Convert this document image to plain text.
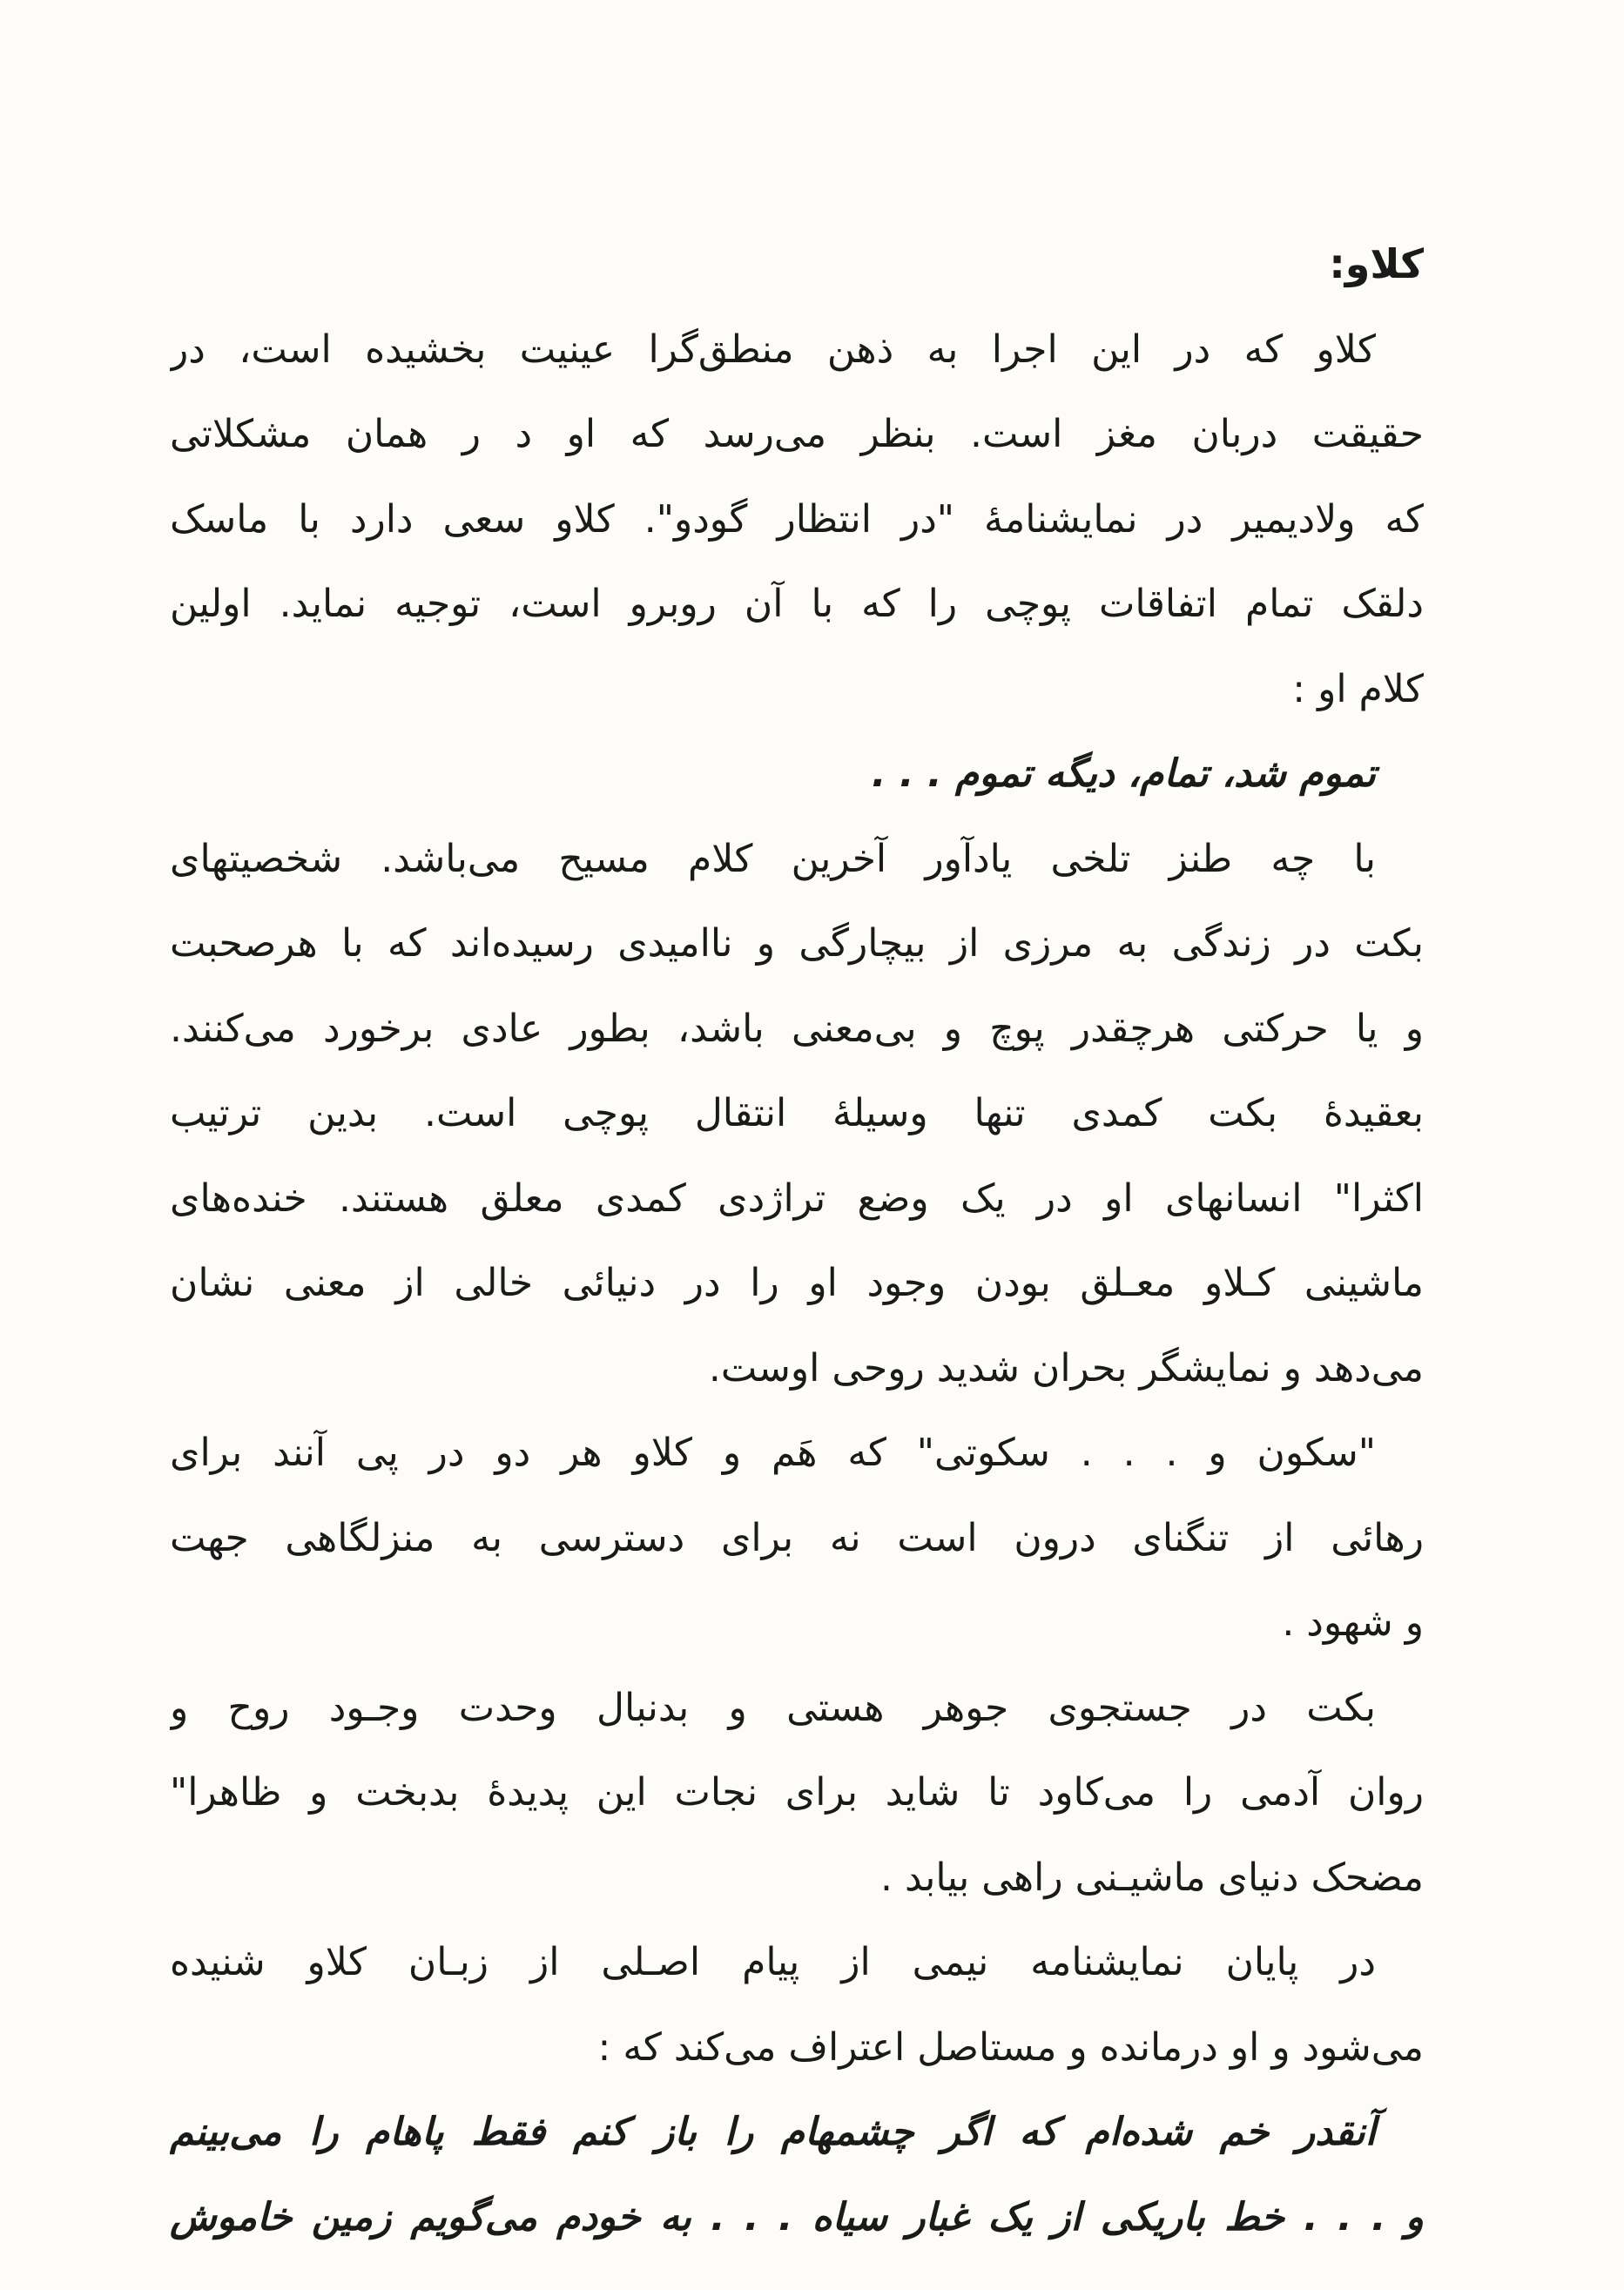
کلاو:
کلاو که در این اجرا به ذهن منطق‌گرا عینیت بخشیده است، در
حقیقت دربان مغز است. بنظر می‌رسد که او د ر همان مشکلاتی
که ولادیمیر در نمایشنامهٔ "در انتظار گودو". کلاو سعی دارد با ماسک
دلقک تمام اتفاقات پوچی را که با آن روبرو است، توجیه نماید. اولین
کلام او :
تموم شد، تمام، دیگه تموم . . .
با چه طنز تلخی یادآور آخرین کلام مسیح می‌باشد. شخصیتهای
بکت در زندگی به مرزی از بیچارگی و ناامیدی رسیده‌اند که با هرصحبت
و یا حرکتی هرچقدر پوچ و بی‌معنی باشد، بطور عادی برخورد می‌کنند.
بعقیدهٔ بکت کمدی تنها وسیلهٔ انتقال پوچی است. بدین ترتیب
اکثرا" انسانهای او در یک وضع تراژدی کمدی معلق هستند. خنده‌های
ماشینی کـلاو معـلق بودن وجود او را در دنیائی خالی از معنی نشان
می‌دهد و نمایشگر بحران شدید روحی اوست.
"سکون و . . . سکوتی" که هَم و کلاو هر دو در پی آنند برای
رهائی از تنگنای درون است نه برای دسترسی به منزلگاهی جهت
و شهود .
بکت در جستجوی جوهر هستی و بدنبال وحدت وجـود روح و
روان آدمی را می‌کاود تا شاید برای نجات این پدیدهٔ بدبخت و ظاهرا"
مضحک دنیای ماشیـنی راهی بیابد .
در پایان نمایشنامه نیمی از پیام اصـلی از زبـان کلاو شنیده
می‌شود و او درمانده و مستاصل اعتراف می‌کند که :
آنقدر خم شده‌ام که اگر چشمهام را باز کنم فقط پاهام را می‌بینم
و . . . خط باریکی از یک غبار سیاه . . . به خودم می‌گویم زمین خاموش
